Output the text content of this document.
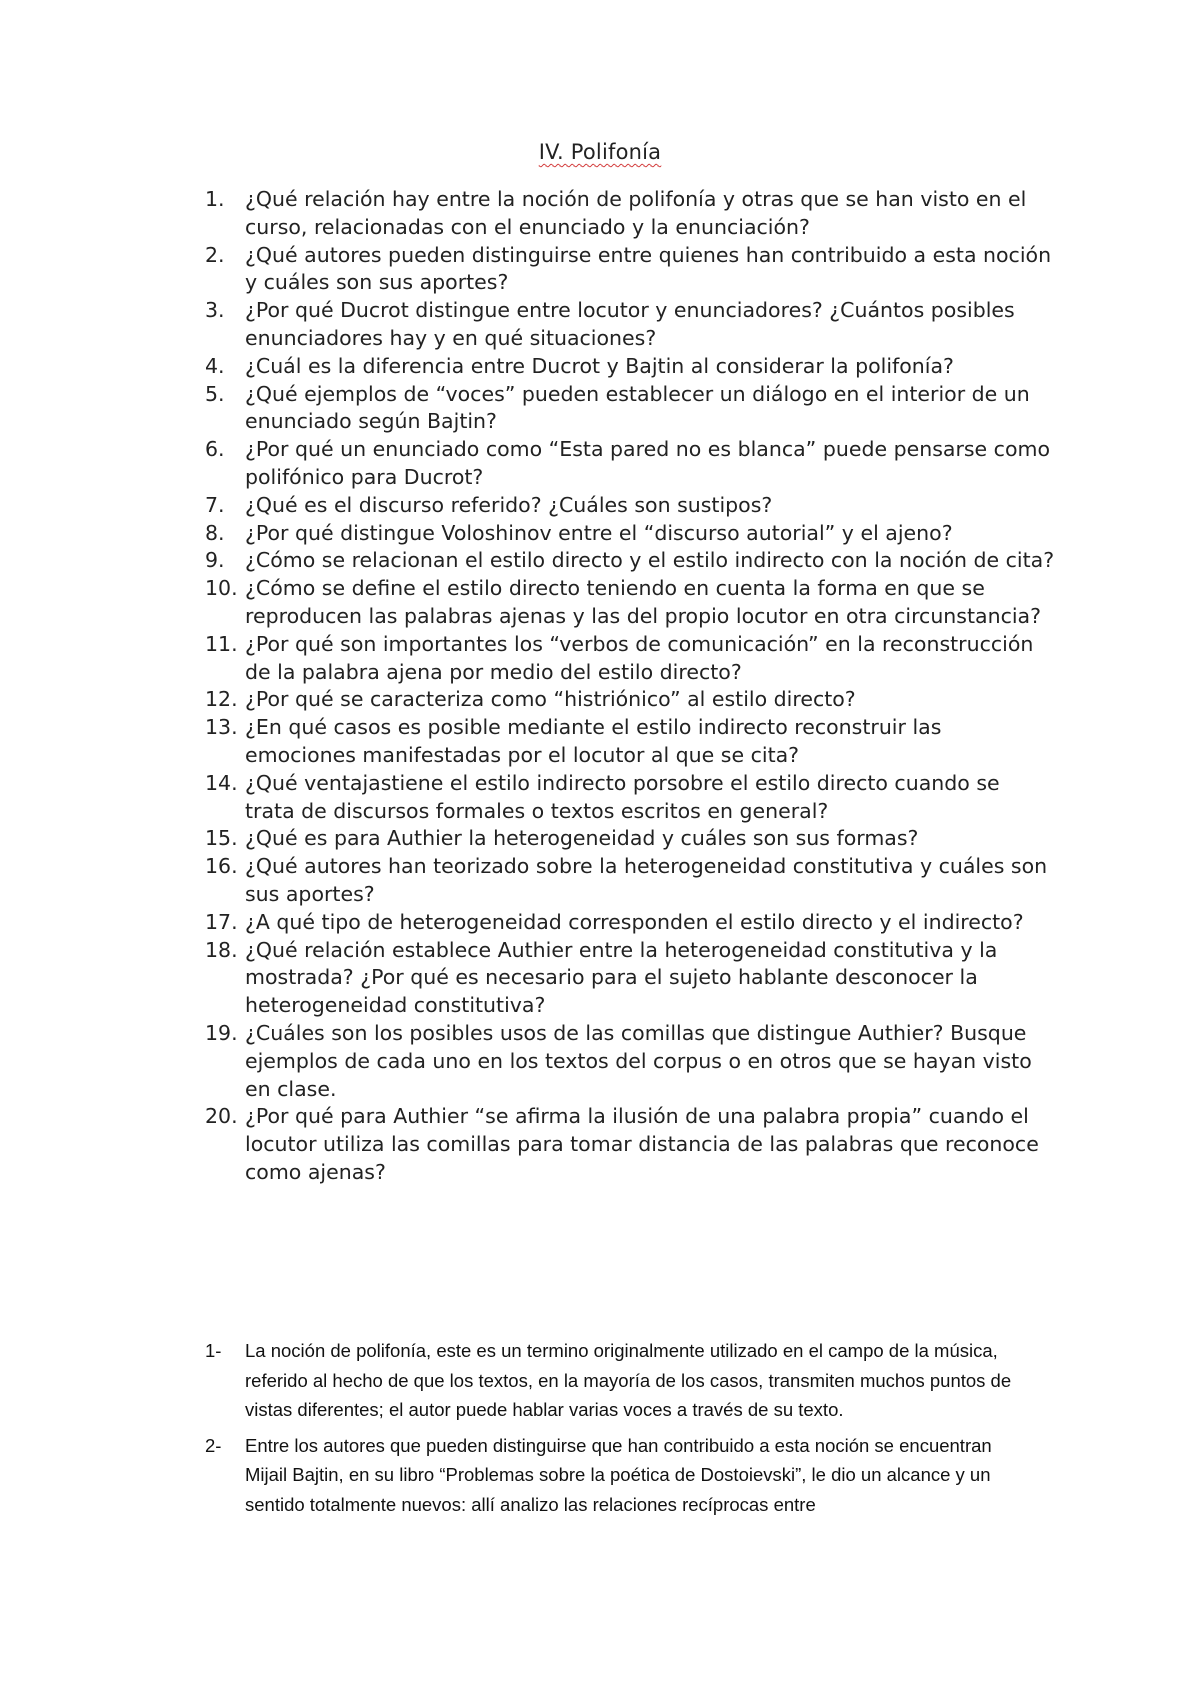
IV. Polifonía
1. ¿Qué relación hay entre la noción de polifonía y otras que se han visto en el curso, relacionadas con el enunciado y la enunciación?
2. ¿Qué autores pueden distinguirse entre quienes han contribuido a esta noción y cuáles son sus aportes?
3. ¿Por qué Ducrot distingue entre locutor y enunciadores? ¿Cuántos posibles enunciadores hay y en qué situaciones?
4. ¿Cuál es la diferencia entre Ducrot y Bajtin al considerar la polifonía?
5. ¿Qué ejemplos de “voces” pueden establecer un diálogo en el interior de un enunciado según Bajtin?
6. ¿Por qué un enunciado como “Esta pared no es blanca” puede pensarse como polifónico para Ducrot?
7. ¿Qué es el discurso referido? ¿Cuáles son sustipos?
8. ¿Por qué distingue Voloshinov entre el “discurso autorial” y el ajeno?
9. ¿Cómo se relacionan el estilo directo y el estilo indirecto con la noción de cita?
10. ¿Cómo se define el estilo directo teniendo en cuenta la forma en que se reproducen las palabras ajenas y las del propio locutor en otra circunstancia?
11. ¿Por qué son importantes los “verbos de comunicación” en la reconstrucción de la palabra ajena por medio del estilo directo?
12. ¿Por qué se caracteriza como “histriónico” al estilo directo?
13. ¿En qué casos es posible mediante el estilo indirecto reconstruir las emociones manifestadas por el locutor al que se cita?
14. ¿Qué ventajastiene el estilo indirecto porsobre el estilo directo cuando se trata de discursos formales o textos escritos en general?
15. ¿Qué es para Authier la heterogeneidad y cuáles son sus formas?
16. ¿Qué autores han teorizado sobre la heterogeneidad constitutiva y cuáles son sus aportes?
17. ¿A qué tipo de heterogeneidad corresponden el estilo directo y el indirecto?
18. ¿Qué relación establece Authier entre la heterogeneidad constitutiva y la mostrada? ¿Por qué es necesario para el sujeto hablante desconocer la heterogeneidad constitutiva?
19. ¿Cuáles son los posibles usos de las comillas que distingue Authier? Busque ejemplos de cada uno en los textos del corpus o en otros que se hayan visto en clase.
20. ¿Por qué para Authier “se afirma la ilusión de una palabra propia” cuando el locutor utiliza las comillas para tomar distancia de las palabras que reconoce como ajenas?
1- La noción de polifonía, este es un termino originalmente utilizado en el campo de la música, referido al hecho de que los textos, en la mayoría de los casos, transmiten muchos puntos de vistas diferentes; el autor puede hablar varias voces a través de su texto.
2- Entre los autores que pueden distinguirse que han contribuido a esta noción se encuentran Mijail Bajtin, en su libro “Problemas sobre la poética de Dostoievski”, le dio un alcance y un sentido totalmente nuevos: allí analizo las relaciones recíprocas entre
